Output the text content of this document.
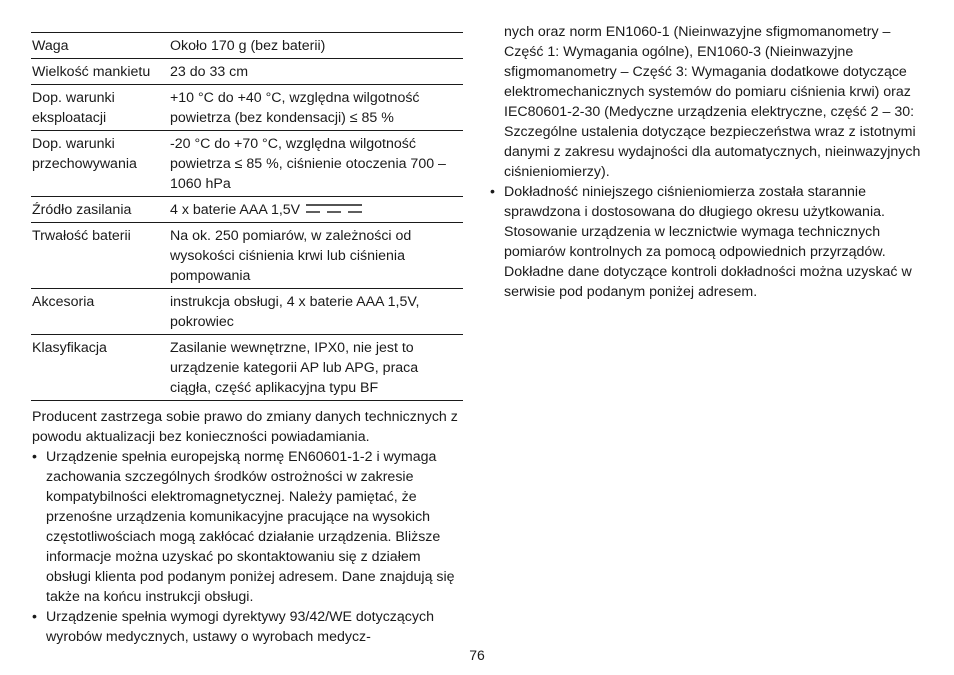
Waga	Około 170 g (bez baterii)
Wielkość mankietu	23 do 33 cm
Dop. warunki eksploatacji	+10 °C do +40 °C, względna wilgotność powietrza (bez kondensacji) ≤ 85 %
Dop. warunki przechowywania	-20 °C do +70 °C, względna wilgotność powietrza ≤ 85 %, ciśnienie otoczenia 700 –1060 hPa
Źródło zasilania	4 x baterie AAA 1,5V
Trwałość baterii	Na ok. 250 pomiarów, w zależności od wysokości ciśnienia krwi lub ciśnienia pompowania
Akcesoria	instrukcja obsługi, 4 x baterie AAA 1,5V, pokrowiec
Klasyfikacja	Zasilanie wewnętrzne, IPX0, nie jest to urządzenie kategorii AP lub APG, praca ciągła, część aplikacyjna typu BF

Producent zastrzega sobie prawo do zmiany danych technicznych z powodu aktualizacji bez konieczności powiadamiania.

• Urządzenie spełnia europejską normę EN60601-1-2 i wymaga zachowania szczególnych środków ostrożności w zakresie kompatybilności elektromagnetycznej. Należy pamiętać, że przenośne urządzenia komunikacyjne pracujące na wysokich częstotliwościach mogą zakłócać działanie urządzenia. Bliższe informacje można uzyskać po skontaktowaniu się z działem obsługi klienta pod podanym poniżej adresem. Dane znajdują się także na końcu instrukcji obsługi.
• Urządzenie spełnia wymogi dyrektywy 93/42/WE dotyczących wyrobów medycznych, ustawy o wyrobach medycz-
nych oraz norm EN1060-1 (Nieinwazyjne sfigmomanometry – Część 1: Wymagania ogólne), EN1060-3 (Nieinwazyjne sfigmomanometry – Część 3: Wymagania dodatkowe dotyczące elektromechanicznych systemów do pomiaru ciśnienia krwi) oraz IEC80601-2-30 (Medyczne urządzenia elektryczne, część 2 – 30: Szczególne ustalenia dotyczące bezpieczeństwa wraz z istotnymi danymi z zakresu wydajności dla automatycznych, nieinwazyjnych ciśnieniomierzy).
• Dokładność niniejszego ciśnieniomierza została starannie sprawdzona i dostosowana do długiego okresu użytkowania. Stosowanie urządzenia w lecznictwie wymaga technicznych pomiarów kontrolnych za pomocą odpowiednich przyrządów. Dokładne dane dotyczące kontroli dokładności można uzyskać w serwisie pod podanym poniżej adresem.
76
